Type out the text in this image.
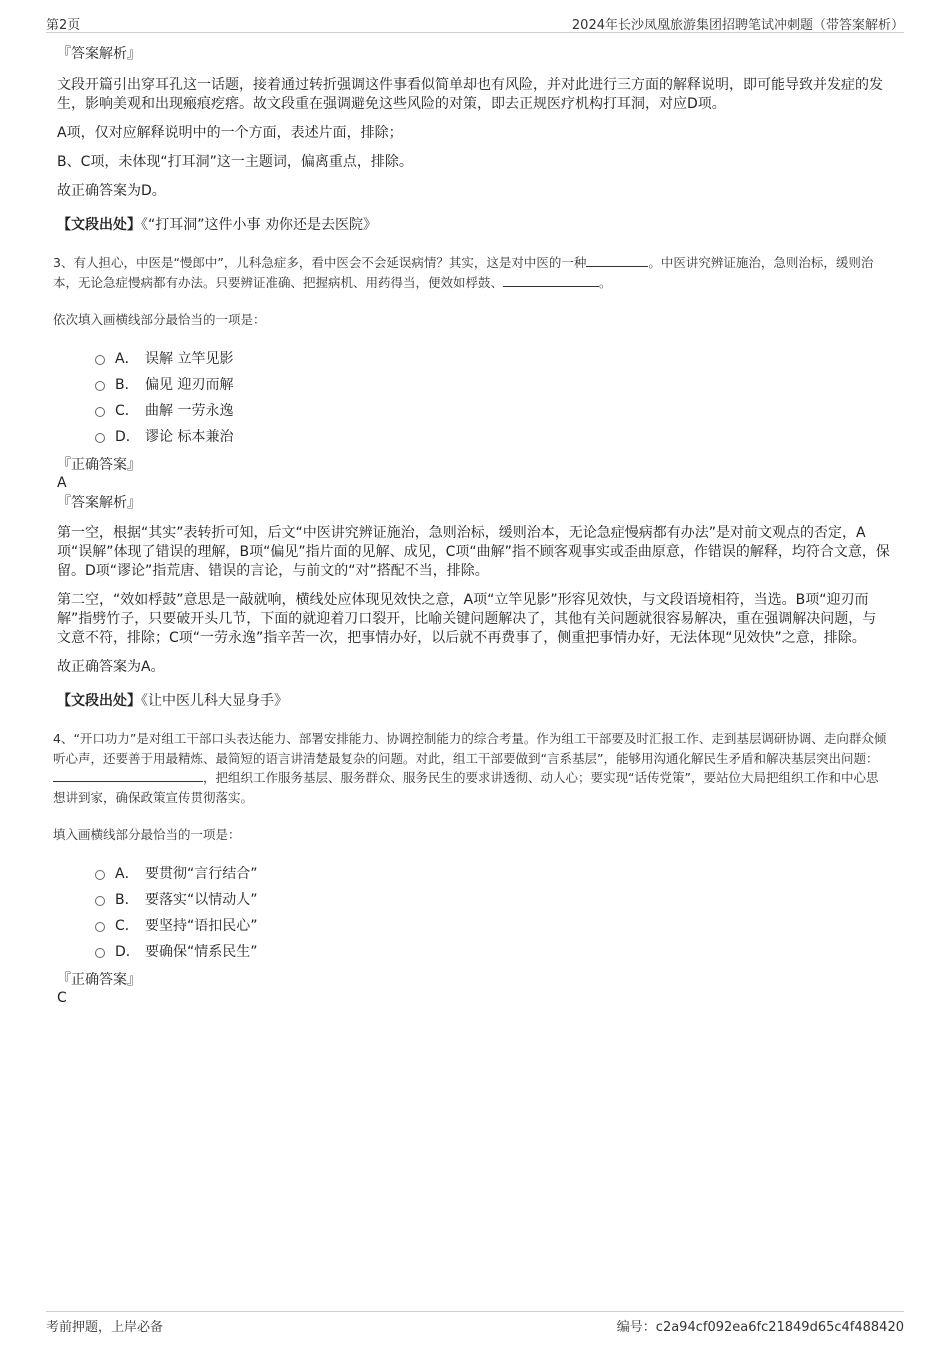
第2页	2024年长沙凤凰旅游集团招聘笔试冲刺题（带答案解析）

『答案解析』

文段开篇引出穿耳孔这一话题，接着通过转折强调这件事看似简单却也有风险，并对此进行三方面的解释说明，即可能导致并发症的发生，影响美观和出现瘢痕疙瘩。故文段重在强调避免这些风险的对策，即去正规医疗机构打耳洞，对应D项。

A项，仅对应解释说明中的一个方面，表述片面，排除；

B、C项，未体现“打耳洞”这一主题词，偏离重点，排除。

故正确答案为D。

【文段出处】《“打耳洞”这件小事 劝你还是去医院》

3、有人担心，中医是“慢郎中”，儿科急症多，看中医会不会延误病情？其实，这是对中医的一种	。中医讲究辨证施治，急则治标，缓则治本，无论急症慢病都有办法。只要辨证准确、把握病机、用药得当，便效如桴鼓、	。

依次填入画横线部分最恰当的一项是：

A． 误解 立竿见影
B． 偏见 迎刃而解
C． 曲解 一劳永逸
D． 谬论 标本兼治

『正确答案』

A

『答案解析』

第一空，根据“其实”表转折可知，后文“中医讲究辨证施治，急则治标，缓则治本，无论急症慢病都有办法”是对前文观点的否定，A项“误解”体现了错误的理解，B项“偏见”指片面的见解、成见，C项“曲解”指不顾客观事实或歪曲原意，作错误的解释，均符合文意，保留。D项“谬论”指荒唐、错误的言论，与前文的“对”搭配不当，排除。

第二空，“效如桴鼓”意思是一敲就响，横线处应体现见效快之意，A项“立竿见影”形容见效快，与文段语境相符，当选。B项“迎刃而解”指劈竹子，只要破开头几节，下面的就迎着刀口裂开，比喻关键问题解决了，其他有关问题就很容易解决，重在强调解决问题，与文意不符，排除；C项“一劳永逸”指辛苦一次，把事情办好，以后就不再费事了，侧重把事情办好，无法体现“见效快”之意，排除。

故正确答案为A。

【文段出处】《让中医儿科大显身手》

4、“开口功力”是对组工干部口头表达能力、部署安排能力、协调控制能力的综合考量。作为组工干部要及时汇报工作、走到基层调研协调、走向群众倾听心声，还要善于用最精炼、最简短的语言讲清楚最复杂的问题。对此，组工干部要做到“言系基层”，能够用沟通化解民生矛盾和解决基层突出问题：，把组织工作服务基层、服务群众、服务民生的要求讲透彻、动人心；要实现“话传党策”，要站位大局把组织工作和中心思想讲到家，确保政策宣传贯彻落实。

填入画横线部分最恰当的一项是：

A． 要贯彻“言行结合”
B． 要落实“以情动人”
C． 要坚持“语扣民心”
D． 要确保“情系民生”

『正确答案』

C

考前押题，上岸必备	编号：c2a94cf092ea6fc21849d65c4f488420
